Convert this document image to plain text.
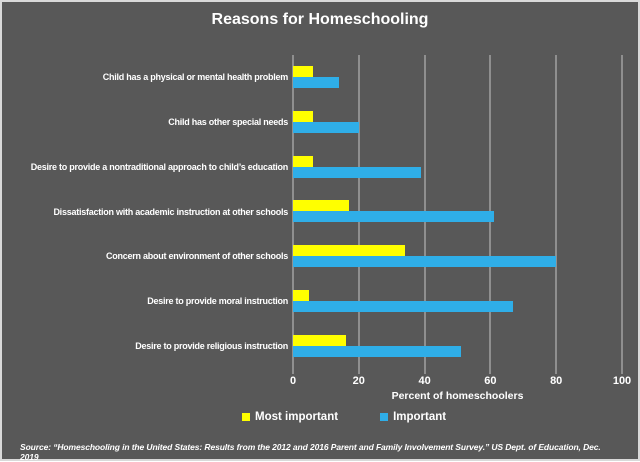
Reasons for Homeschooling
Child has a physical or mental health problem
Child has other special needs
Desire to provide a nontraditional approach to child’s education
Dissatisfaction with academic instruction at other schools
Concern about environment of other schools
Desire to provide moral instruction
Desire to provide religious instruction
0	20	40	60	80	100
Percent of homeschoolers
Most important	Important
Source: “Homeschooling in the United States: Results from the 2012 and 2016 Parent and Family Involvement Survey.” US Dept. of Education, Dec. 2019
